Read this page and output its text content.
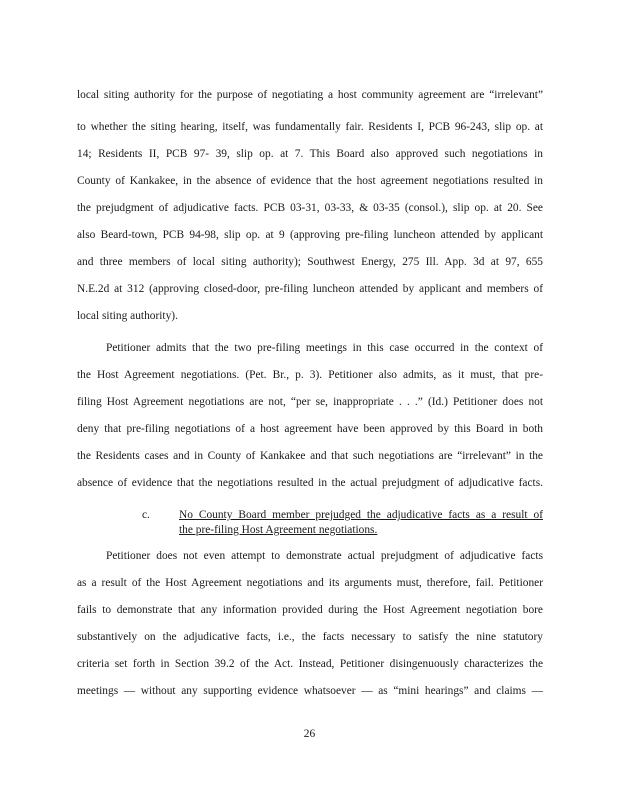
local siting authority for the purpose of negotiating a host community agreement are “irrelevant”
to whether the siting hearing, itself, was fundamentally fair. Residents I, PCB 96-243, slip op. at
14; Residents II, PCB 97- 39, slip op. at 7. This Board also approved such negotiations in
County of Kankakee, in the absence of evidence that the host agreement negotiations resulted in
the prejudgment of adjudicative facts. PCB 03-31, 03-33, & 03-35 (consol.), slip op. at 20. See
also Beard-town, PCB 94-98, slip op. at 9 (approving pre-filing luncheon attended by applicant
and three members of local siting authority); Southwest Energy, 275 Ill. App. 3d at 97, 655
N.E.2d at 312 (approving closed-door, pre-filing luncheon attended by applicant and members of
local siting authority).
Petitioner admits that the two pre-filing meetings in this case occurred in the context of
the Host Agreement negotiations. (Pet. Br., p. 3). Petitioner also admits, as it must, that pre-
filing Host Agreement negotiations are not, “per se, inappropriate . . .” (Id.) Petitioner does not
deny that pre-filing negotiations of a host agreement have been approved by this Board in both
the Residents cases and in County of Kankakee and that such negotiations are “irrelevant” in the
absence of evidence that the negotiations resulted in the actual prejudgment of adjudicative facts.
c.	No County Board member prejudged the adjudicative facts as a result of
the pre-filing Host Agreement negotiations.
Petitioner does not even attempt to demonstrate actual prejudgment of adjudicative facts
as a result of the Host Agreement negotiations and its arguments must, therefore, fail. Petitioner
fails to demonstrate that any information provided during the Host Agreement negotiation bore
substantively on the adjudicative facts, i.e., the facts necessary to satisfy the nine statutory
criteria set forth in Section 39.2 of the Act. Instead, Petitioner disingenuously characterizes the
meetings — without any supporting evidence whatsoever — as “mini hearings” and claims —
26
